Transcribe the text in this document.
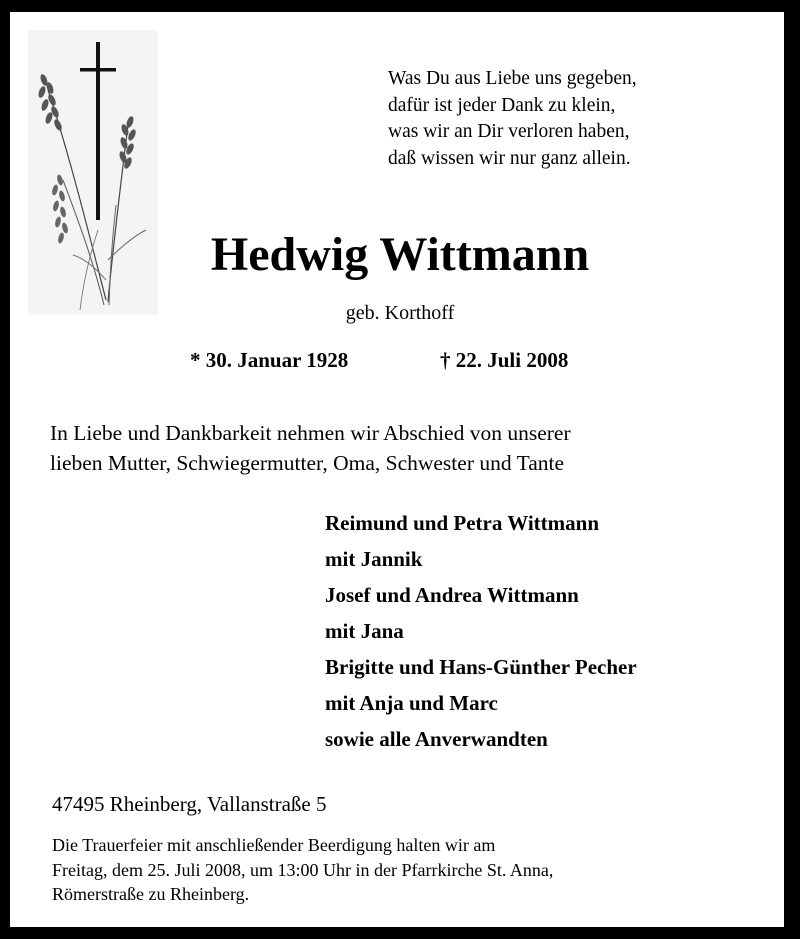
Was Du aus Liebe uns gegeben,
dafür ist jeder Dank zu klein,
was wir an Dir verloren haben,
daß wissen wir nur ganz allein.
Hedwig Wittmann
geb. Korthoff
* 30. Januar 1928	† 22. Juli 2008
In Liebe und Dankbarkeit nehmen wir Abschied von unserer
lieben Mutter, Schwiegermutter, Oma, Schwester und Tante
Reimund und Petra Wittmann
mit Jannik
Josef und Andrea Wittmann
mit Jana
Brigitte und Hans-Günther Pecher
mit Anja und Marc
sowie alle Anverwandten
47495 Rheinberg, Vallanstraße 5
Die Trauerfeier mit anschließender Beerdigung halten wir am
Freitag, dem 25. Juli 2008, um 13:00 Uhr in der Pfarrkirche St. Anna,
Römerstraße zu Rheinberg.
